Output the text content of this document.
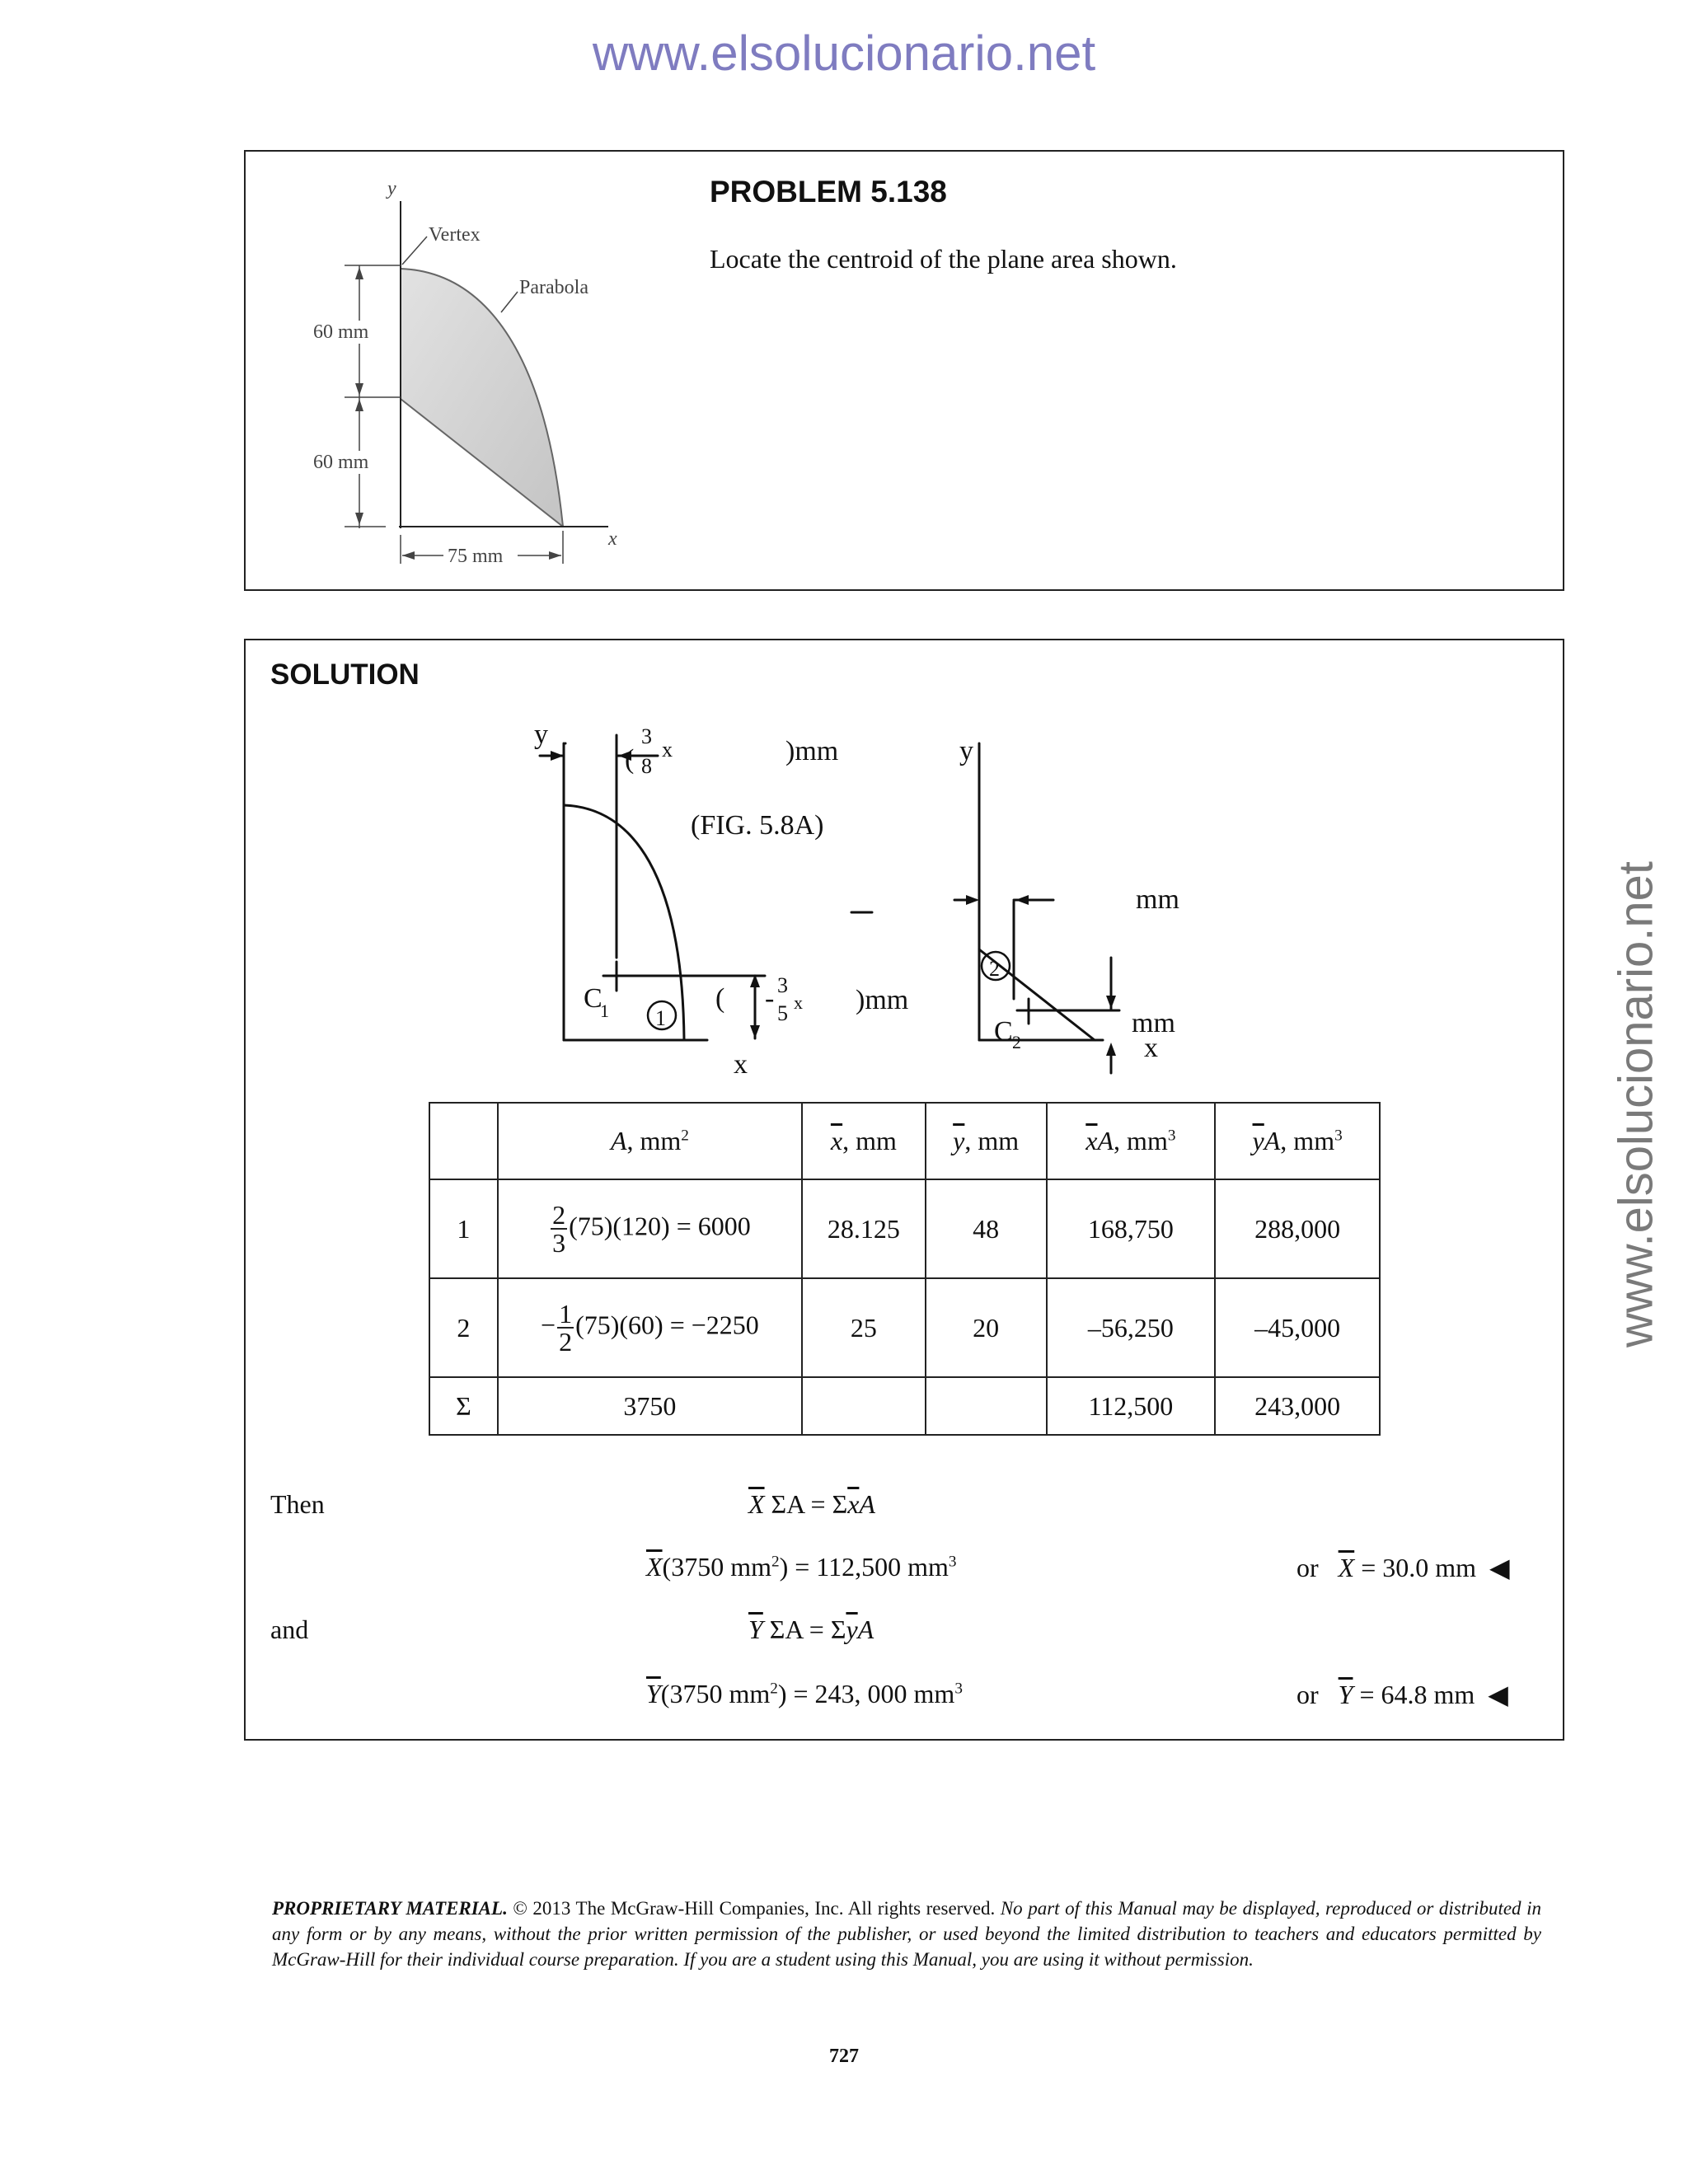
www.elsolucionario.net
www.elsolucionario.net
y
x
Vertex
Parabola
60 mm
60 mm
75 mm
PROBLEM 5.138
Locate the centroid of the plane area shown.
SOLUTION
y
x
y
x
(
3
8
x	)mm
(FIG. 5.8A)
C
1 1
( - 3
5 x )mm
mm
2
C 2
mm
	A, $mm^2$	$\overline{x}$, mm	$\overline{y}$, mm	$\overline{x}A$, $mm^3$	$\overline{y}A$, $mm^3$
1	$\frac{2}{3} (75)(120) = 6000$	28.125	48	168,750	288,000
2	− $\frac{1}{2} (75)(60) = -2250$	25	20	–56,250	–45,000
Σ	3750			112,500	243,000
Then	$\overline{X}$ $\Sigma A = \Sigma\overline{x}A$
$\overline{X}(3750$ $mm^2) = 112,500$ $mm^3$	or $\overline{X} = 30.0$ mm ◀
and	$\overline{Y}$ $\Sigma A = \Sigma\overline{y}A$
$\overline{Y}(3750$ $mm^2) = 243$, 000 $mm^3$	or $\overline{Y} = 64.8$ mm ◀
PROPRIETARY MATERIAL. © 2013 The McGraw-Hill Companies, Inc. All rights reserved. No part of this Manual may be displayed, reproduced or distributed in any form or by any means, without the prior written permission of the publisher, or used beyond the limited distribution to teachers and educators permitted by McGraw-Hill for their individual course preparation. If you are a student using this Manual, you are using it without permission.
727
